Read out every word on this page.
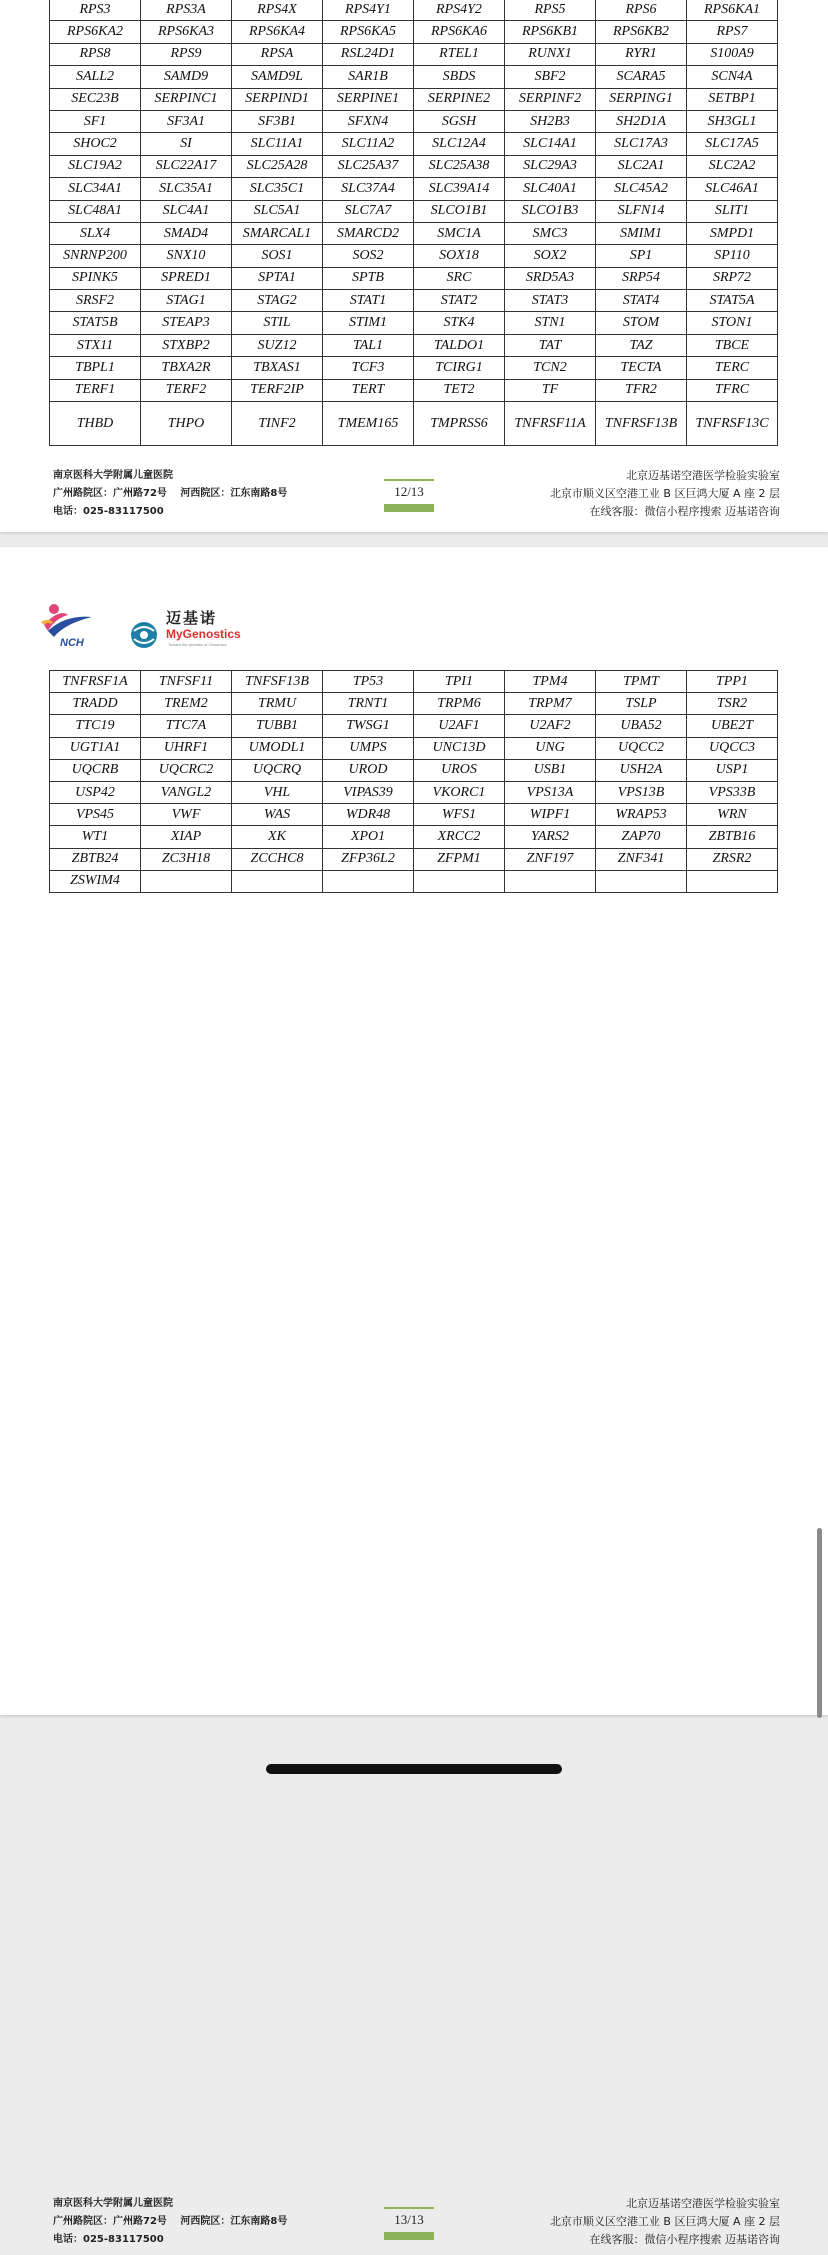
RPS3	RPS3A	RPS4X	RPS4Y1	RPS4Y2	RPS5	RPS6	RPS6KA1
RPS6KA2	RPS6KA3	RPS6KA4	RPS6KA5	RPS6KA6	RPS6KB1	RPS6KB2	RPS7
RPS8	RPS9	RPSA	RSL24D1	RTEL1	RUNX1	RYR1	S100A9
SALL2	SAMD9	SAMD9L	SAR1B	SBDS	SBF2	SCARA5	SCN4A
SEC23B	SERPINC1	SERPIND1	SERPINE1	SERPINE2	SERPINF2	SERPING1	SETBP1
SF1	SF3A1	SF3B1	SFXN4	SGSH	SH2B3	SH2D1A	SH3GL1
SHOC2	SI	SLC11A1	SLC11A2	SLC12A4	SLC14A1	SLC17A3	SLC17A5
SLC19A2	SLC22A17	SLC25A28	SLC25A37	SLC25A38	SLC29A3	SLC2A1	SLC2A2
SLC34A1	SLC35A1	SLC35C1	SLC37A4	SLC39A14	SLC40A1	SLC45A2	SLC46A1
SLC48A1	SLC4A1	SLC5A1	SLC7A7	SLCO1B1	SLCO1B3	SLFN14	SLIT1
SLX4	SMAD4	SMARCAL1	SMARCD2	SMC1A	SMC3	SMIM1	SMPD1
SNRNP200	SNX10	SOS1	SOS2	SOX18	SOX2	SP1	SP110
SPINK5	SPRED1	SPTA1	SPTB	SRC	SRD5A3	SRP54	SRP72
SRSF2	STAG1	STAG2	STAT1	STAT2	STAT3	STAT4	STAT5A
STAT5B	STEAP3	STIL	STIM1	STK4	STN1	STOM	STON1
STX11	STXBP2	SUZ12	TAL1	TALDO1	TAT	TAZ	TBCE
TBPL1	TBXA2R	TBXAS1	TCF3	TCIRG1	TCN2	TECTA	TERC
TERF1	TERF2	TERF2IP	TERT	TET2	TF	TFR2	TFRC
THBD	THPO	TINF2	TMEM165	TMPRSS6	TNFRSF11A	TNFRSF13B	TNFRSF13C
南京医科大学附属儿童医院
广州路院区：广州路72号　 河西院区：江东南路8号
电话：025-83117500
12/13
北京迈基诺空港医学检验实验室
北京市顺义区空港工业 B 区巨鸿大厦 A 座 2 层
在线客服：微信小程序搜索 迈基诺咨询
NCH
迈基诺
MyGenostics
Toward the promise of Genomics
TNFRSF1A	TNFSF11	TNFSF13B	TP53	TPI1	TPM4	TPMT	TPP1
TRADD	TREM2	TRMU	TRNT1	TRPM6	TRPM7	TSLP	TSR2
TTC19	TTC7A	TUBB1	TWSG1	U2AF1	U2AF2	UBA52	UBE2T
UGT1A1	UHRF1	UMODL1	UMPS	UNC13D	UNG	UQCC2	UQCC3
UQCRB	UQCRC2	UQCRQ	UROD	UROS	USB1	USH2A	USP1
USP42	VANGL2	VHL	VIPAS39	VKORC1	VPS13A	VPS13B	VPS33B
VPS45	VWF	WAS	WDR48	WFS1	WIPF1	WRAP53	WRN
WT1	XIAP	XK	XPO1	XRCC2	YARS2	ZAP70	ZBTB16
ZBTB24	ZC3H18	ZCCHC8	ZFP36L2	ZFPM1	ZNF197	ZNF341	ZRSR2
ZSWIM4							
南京医科大学附属儿童医院
广州路院区：广州路72号　 河西院区：江东南路8号
电话：025-83117500
13/13
北京迈基诺空港医学检验实验室
北京市顺义区空港工业 B 区巨鸿大厦 A 座 2 层
在线客服：微信小程序搜索 迈基诺咨询
